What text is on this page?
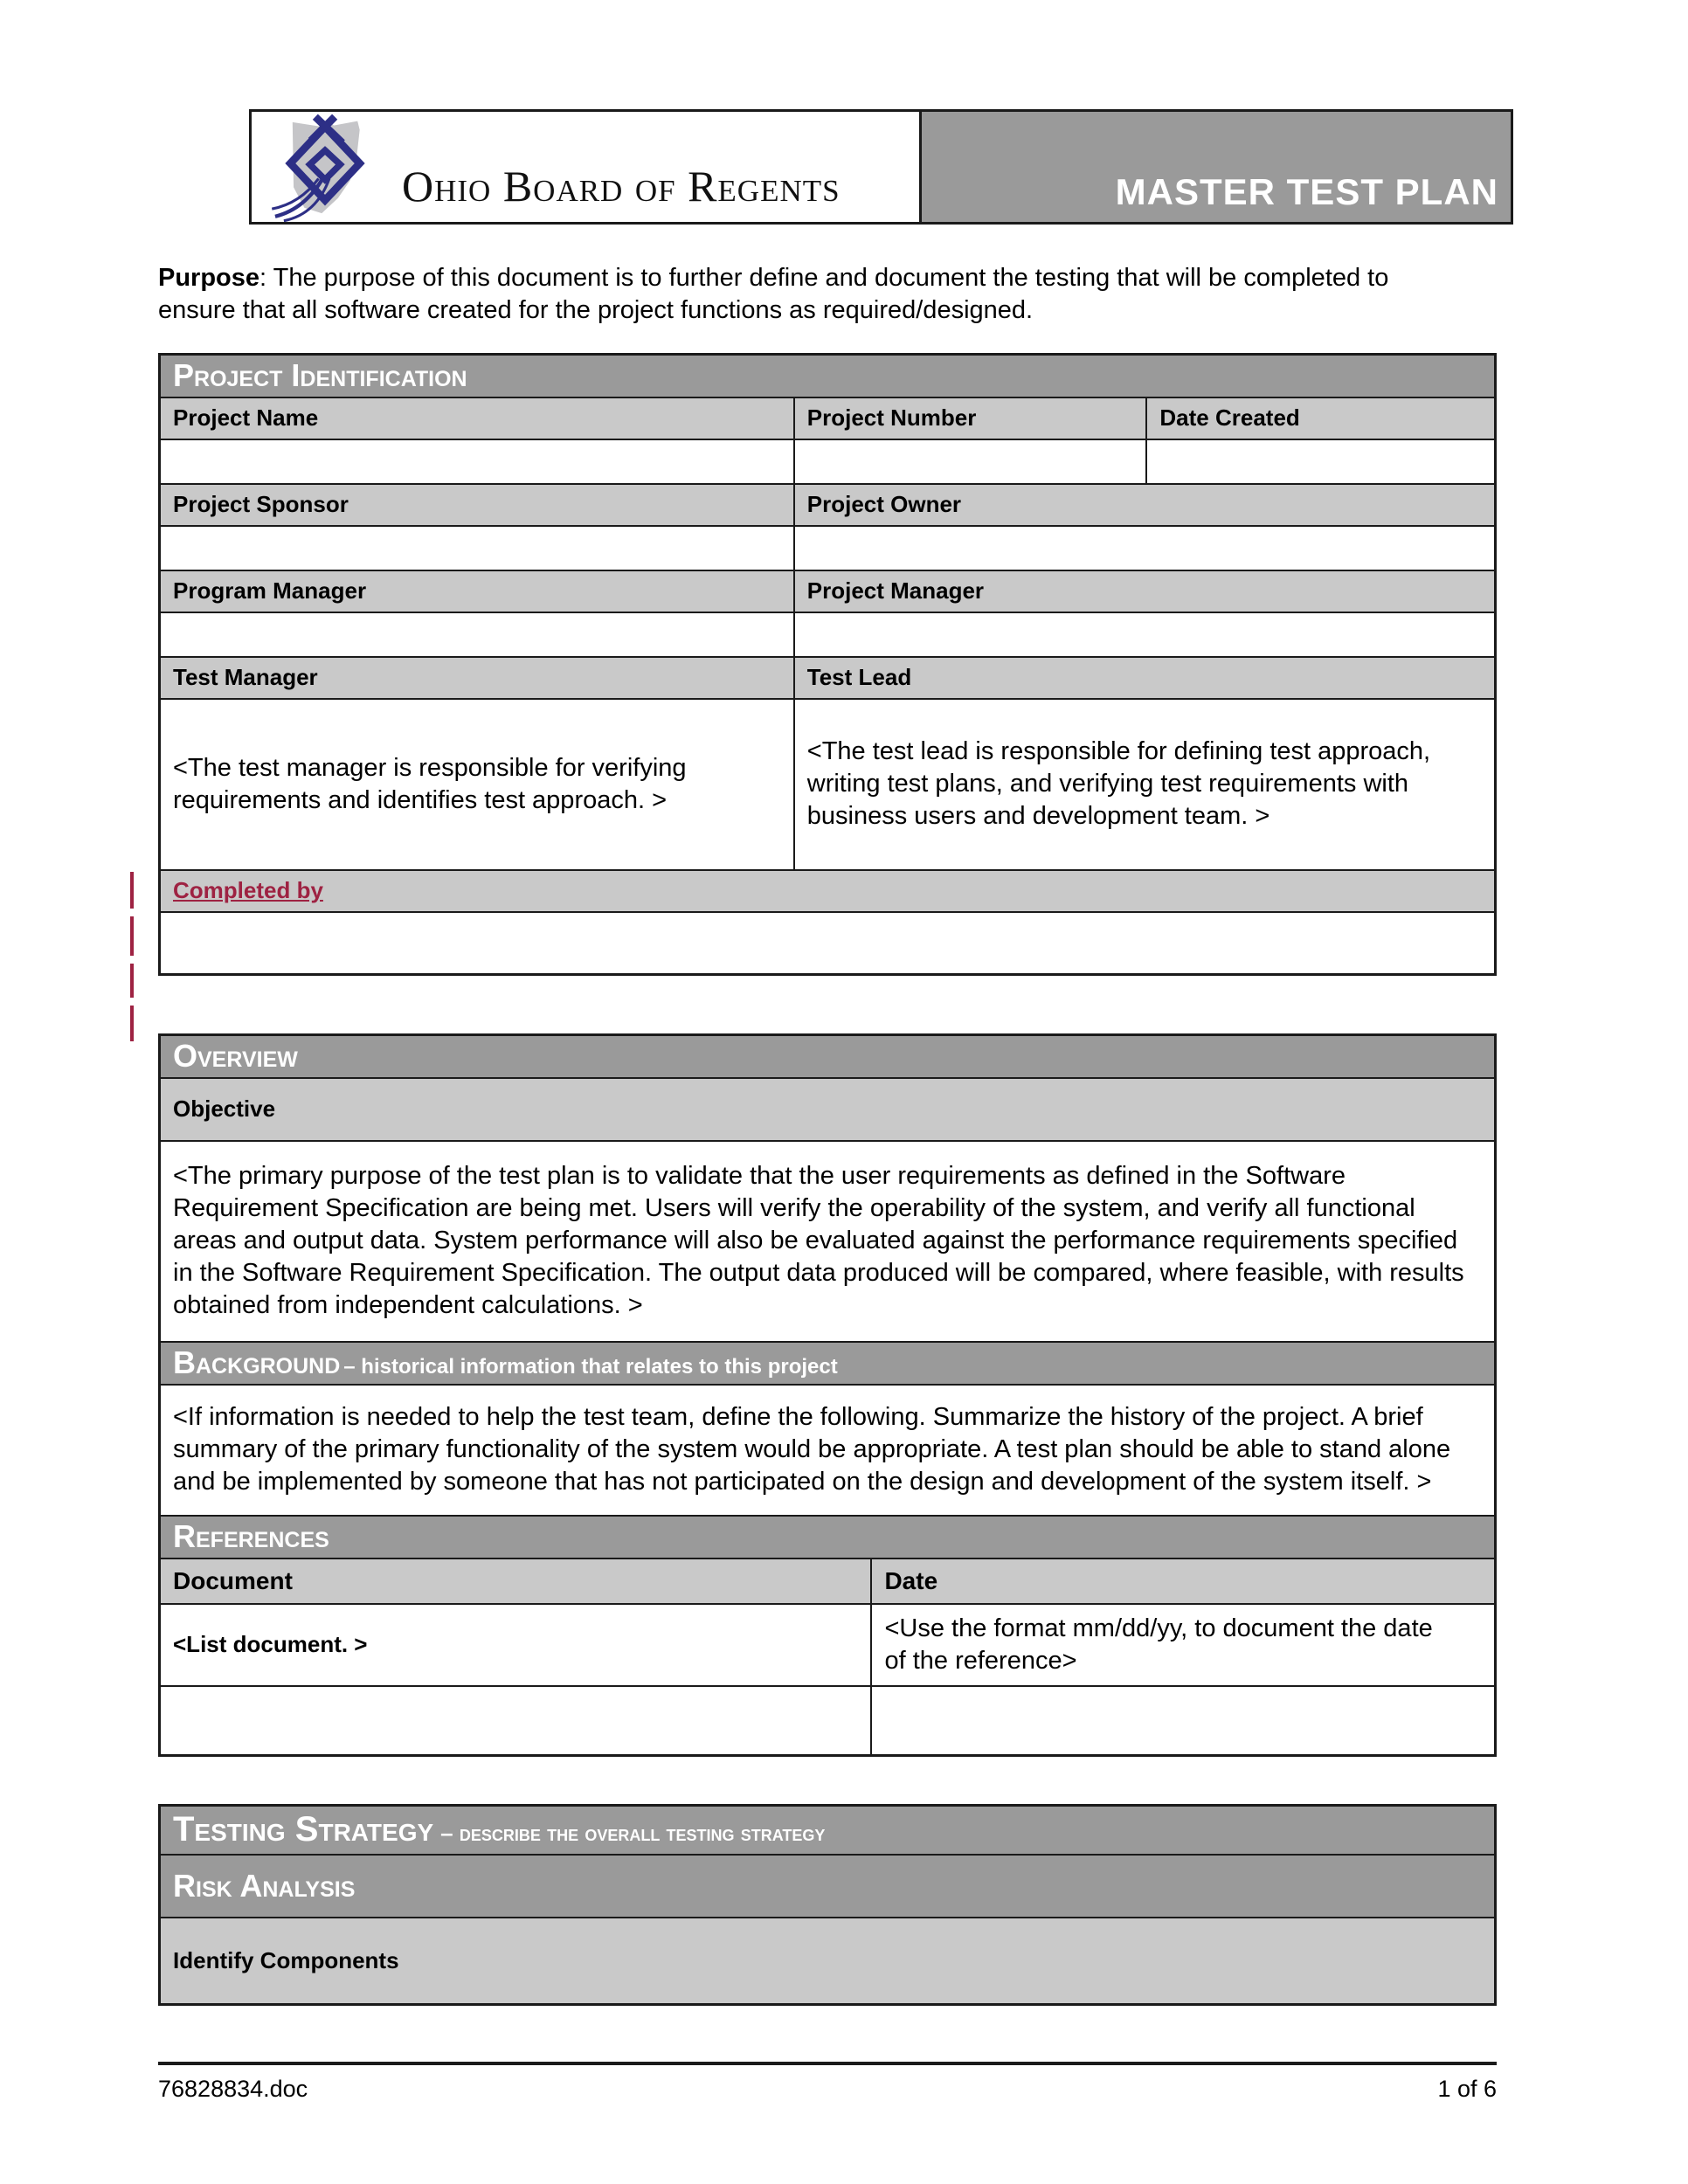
Ohio Board of Regents	MASTER TEST PLAN

Purpose: The purpose of this document is to further define and document the testing that will be completed to ensure that all software created for the project functions as required/designed.

Project Identification		
Project Name	Project Number	Date Created

Project Sponsor	Project Owner	

Program Manager	Project Manager	

Test Manager	Test Lead	
<The test manager is responsible for verifying requirements and identifies test approach. >	<The test lead is responsible for defining test approach, writing test plans, and verifying test requirements with business users and development team. >	
Completed by		

Overview	
Objective	
<The primary purpose of the test plan is to validate that the user requirements as defined in the Software Requirement Specification are being met. Users will verify the operability of the system, and verify all functional areas and output data. System performance will also be evaluated against the performance requirements specified in the Software Requirement Specification. The output data produced will be compared, where feasible, with results obtained from independent calculations. >	
Background – historical information that relates to this project	
<If information is needed to help the test team, define the following. Summarize the history of the project. A brief summary of the primary functionality of the system would be appropriate. A test plan should be able to stand alone and be implemented by someone that has not participated on the design and development of the system itself. >	
References	
Document	Date
<List document. >	<Use the format mm/dd/yy, to document the date of the reference>

Testing Strategy – describe the overall testing strategy
Risk Analysis
Identify Components
76828834.doc	1 of 6
